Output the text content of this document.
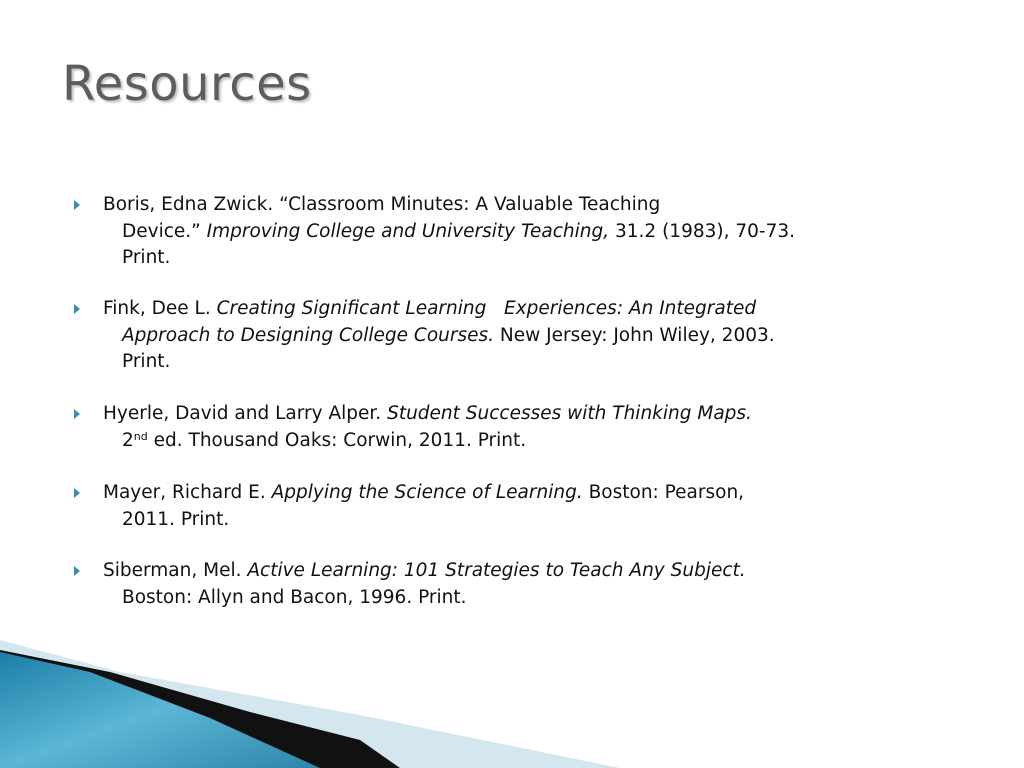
Resources
Boris, Edna Zwick. “Classroom Minutes: A Valuable Teaching
Device.” Improving College and University Teaching, 31.2 (1983), 70-73.
Print.
Fink, Dee L. Creating Significant Learning   Experiences: An Integrated
Approach to Designing College Courses. New Jersey: John Wiley, 2003.
Print.
Hyerle, David and Larry Alper. Student Successes with Thinking Maps.
2nd ed. Thousand Oaks: Corwin, 2011. Print.
Mayer, Richard E. Applying the Science of Learning. Boston: Pearson,
2011. Print.
Siberman, Mel. Active Learning: 101 Strategies to Teach Any Subject.
Boston: Allyn and Bacon, 1996. Print.
